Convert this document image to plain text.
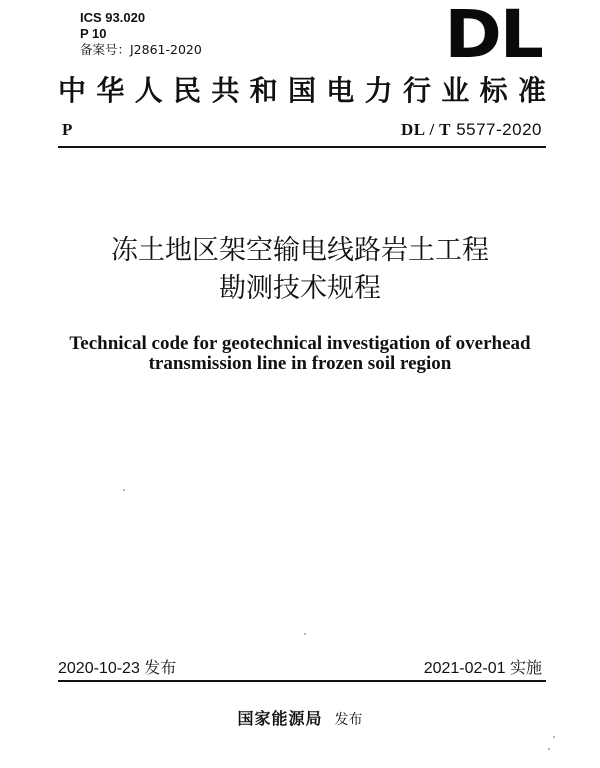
ICS 93.020
P 10
备案号：J2861-2020	DL
中 华 人 民 共 和 国 电 力 行 业 标 准
P	DL / T 5577-2020
冻土地区架空输电线路岩土工程
勘测技术规程
Technical code for geotechnical investigation of overhead
transmission line in frozen soil region
2020-10-23 发布	2021-02-01 实施
国家能源局 发布
